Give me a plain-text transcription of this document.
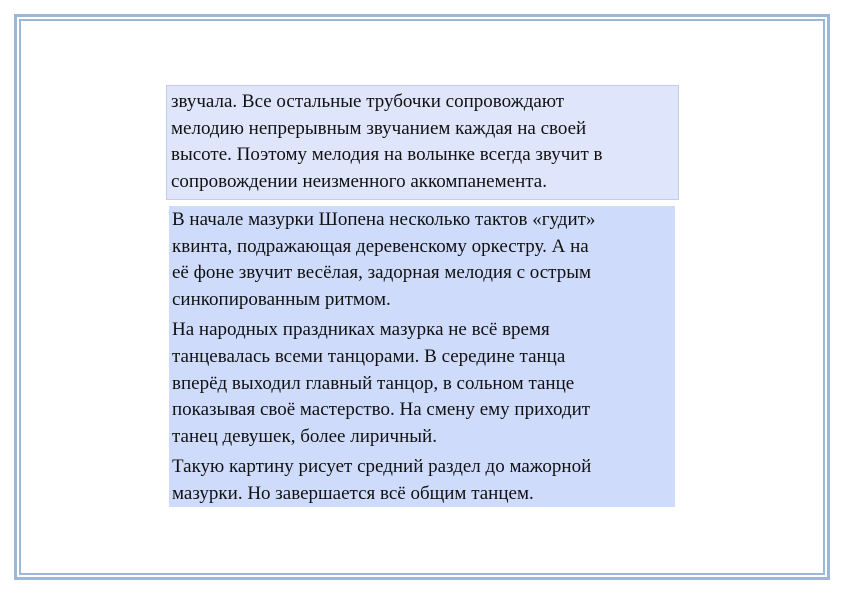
звучала. Все остальные трубочки сопровождают
мелодию непрерывным звучанием каждая на своей
высоте. Поэтому мелодия на волынке всегда звучит в
сопровождении неизменного аккомпанемента.

В начале мазурки Шопена несколько тактов «гудит»
квинта, подражающая деревенскому оркестру. А на
её фоне звучит весёлая, задорная мелодия с острым
синкопированным ритмом.

На народных праздниках мазурка не всё время
танцевалась всеми танцорами. В середине танца
вперёд выходил главный танцор, в сольном танце
показывая своё мастерство. На смену ему приходит
танец девушек, более лиричный.

Такую картину рисует средний раздел до мажорной
мазурки. Но завершается всё общим танцем.
